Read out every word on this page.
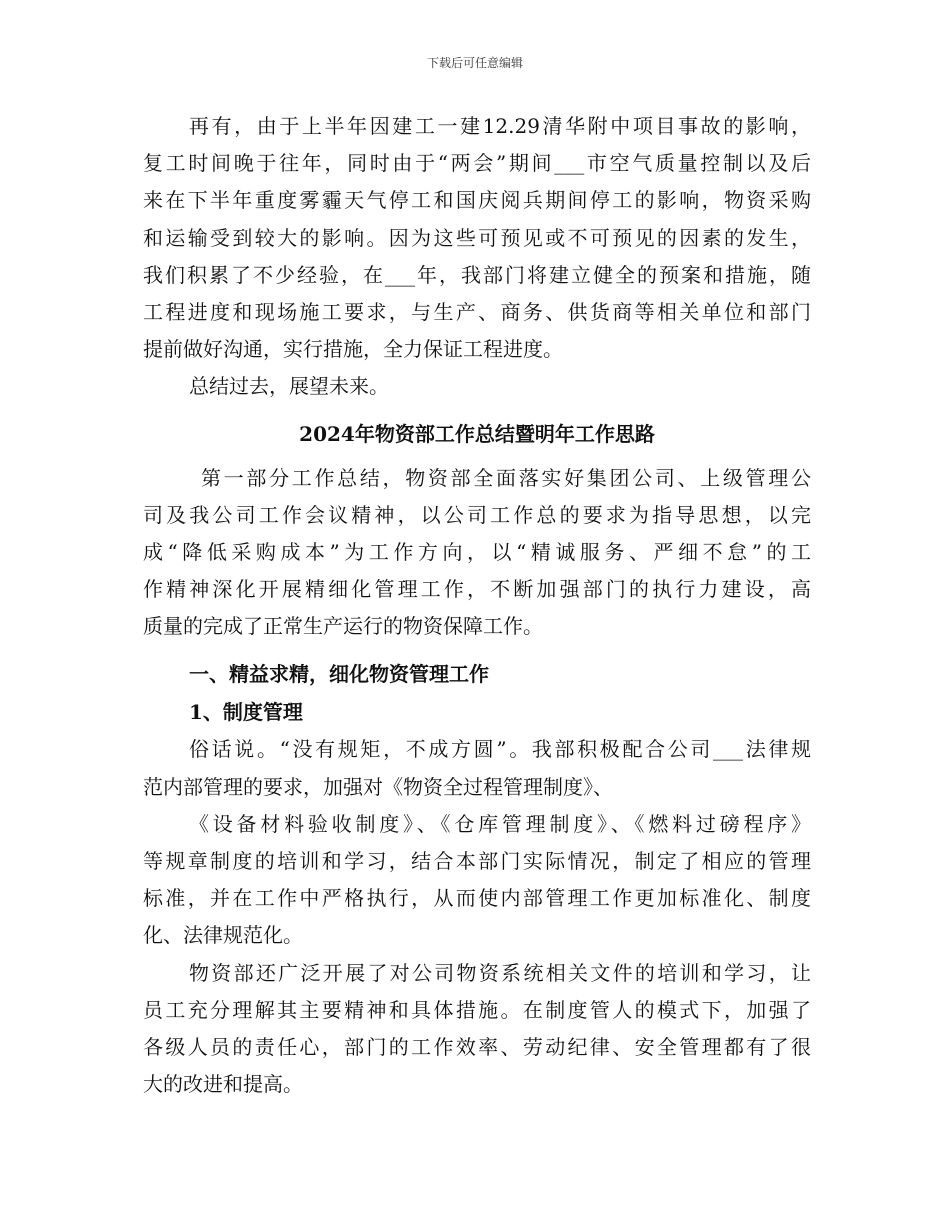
下载后可任意编辑
再有，由于上半年因建工一建12.29清华附中项目事故的影响，
复工时间晚于往年，同时由于“两会”期间___市空气质量控制以及后
来在下半年重度雾霾天气停工和国庆阅兵期间停工的影响，物资采购
和运输受到较大的影响。因为这些可预见或不可预见的因素的发生，
我们积累了不少经验，在___年，我部门将建立健全的预案和措施，随
工程进度和现场施工要求，与生产、商务、供货商等相关单位和部门
提前做好沟通，实行措施，全力保证工程进度。
总结过去，展望未来。
2024年物资部工作总结暨明年工作思路
第一部分工作总结，物资部全面落实好集团公司、上级管理公
司及我公司工作会议精神，以公司工作总的要求为指导思想，以完
成“降低采购成本”为工作方向，以“精诚服务、严细不怠”的工
作精神深化开展精细化管理工作，不断加强部门的执行力建设，高
质量的完成了正常生产运行的物资保障工作。
一、精益求精，细化物资管理工作
1、制度管理
俗话说。“没有规矩，不成方圆”。我部积极配合公司___法律规
范内部管理的要求，加强对《物资全过程管理制度》、
《设备材料验收制度》、《仓库管理制度》、《燃料过磅程序》
等规章制度的培训和学习，结合本部门实际情况，制定了相应的管理
标准，并在工作中严格执行，从而使内部管理工作更加标准化、制度
化、法律规范化。
物资部还广泛开展了对公司物资系统相关文件的培训和学习，让
员工充分理解其主要精神和具体措施。在制度管人的模式下，加强了
各级人员的责任心，部门的工作效率、劳动纪律、安全管理都有了很
大的改进和提高。
